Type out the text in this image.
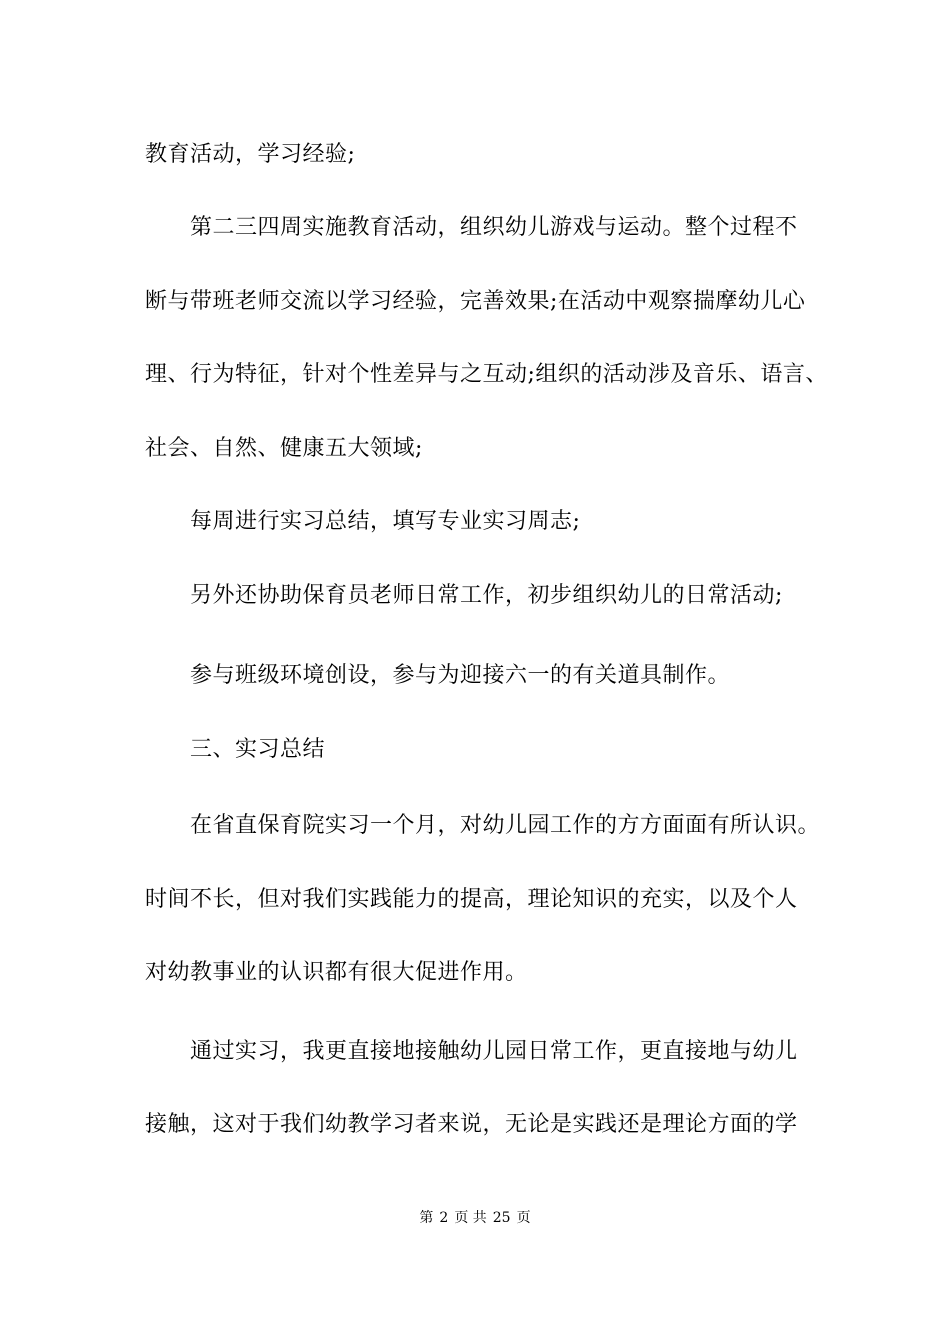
教育活动，学习经验;
第二三四周实施教育活动，组织幼儿游戏与运动。整个过程不
断与带班老师交流以学习经验，完善效果;在活动中观察揣摩幼儿心
理、行为特征，针对个性差异与之互动;组织的活动涉及音乐、语言、
社会、自然、健康五大领域;
每周进行实习总结，填写专业实习周志;
另外还协助保育员老师日常工作，初步组织幼儿的日常活动;
参与班级环境创设，参与为迎接六一的有关道具制作。
三、实习总结
在省直保育院实习一个月，对幼儿园工作的方方面面有所认识。
时间不长，但对我们实践能力的提高，理论知识的充实，以及个人
对幼教事业的认识都有很大促进作用。
通过实习，我更直接地接触幼儿园日常工作，更直接地与幼儿
接触，这对于我们幼教学习者来说，无论是实践还是理论方面的学
第 2 页 共 25 页
